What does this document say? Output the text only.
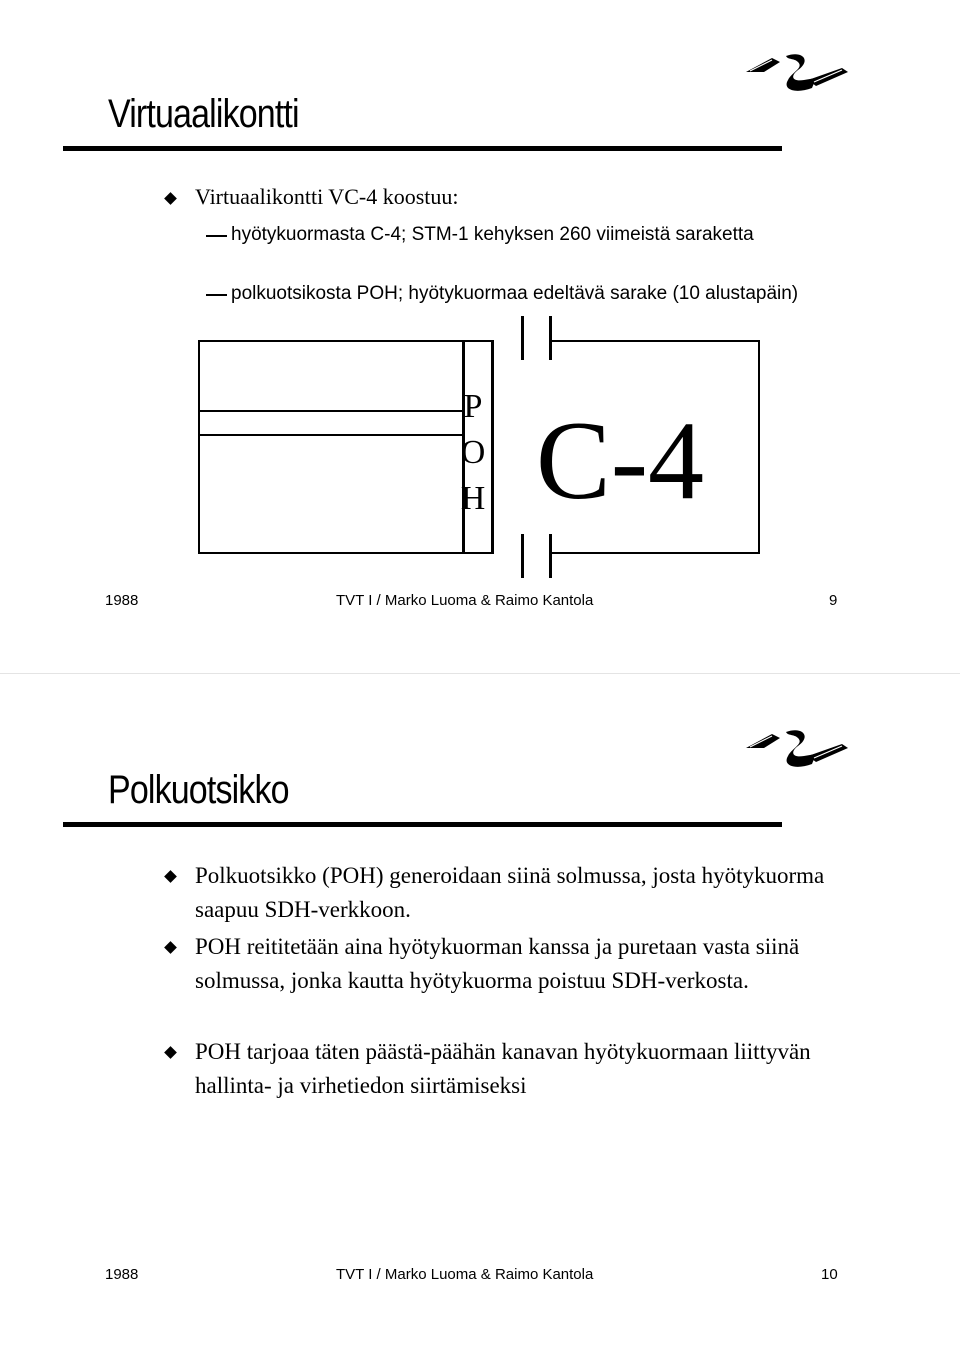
Virtuaalikontti
Virtuaalikontti VC-4 koostuu:
hyötykuormasta C-4; STM-1 kehyksen 260 viimeistä saraketta
polkuotsikosta POH; hyötykuormaa edeltävä sarake (10 alustapäin)
P
O
H C-4
1988	TVT I / Marko Luoma & Raimo Kantola	9
Polkuotsikko
Polkuotsikko (POH) generoidaan siinä solmussa, josta hyötykuorma saapuu SDH-verkkoon.
POH reititetään aina hyötykuorman kanssa ja puretaan vasta siinä solmussa, jonka kautta hyötykuorma poistuu SDH-verkosta.
POH tarjoaa täten päästä-päähän kanavan hyötykuormaan liittyvän hallinta- ja virhetiedon siirtämiseksi
1988	TVT I / Marko Luoma & Raimo Kantola	10
